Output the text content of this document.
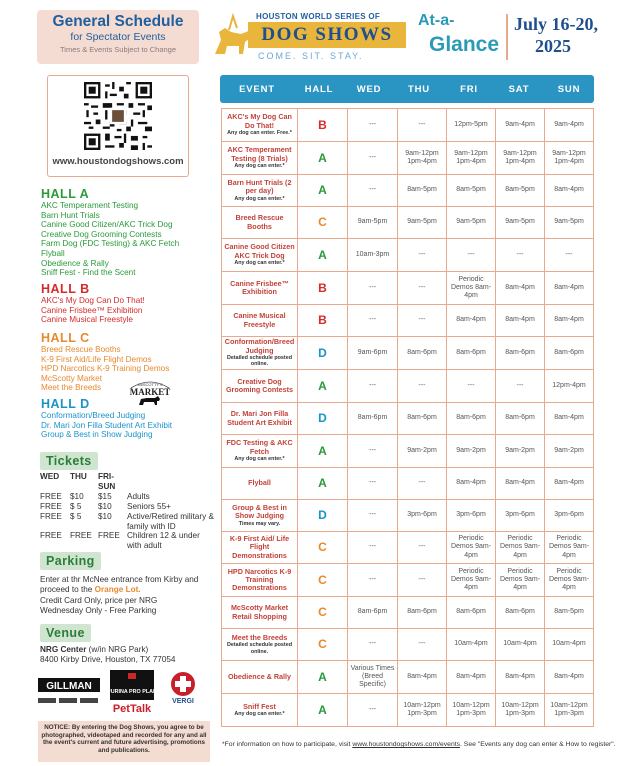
General Schedule
for Spectator Events
Times & Events Subject to Change
www.houstondogshows.com
HALL A
AKC Temperament Testing
Barn Hunt Trials
Canine Good Citizen/AKC Trick Dog
Creative Dog Grooming Contests
Farm Dog (FDC Testing) & AKC Fetch
Flyball
Obedience & Rally
Sniff Fest - Find the Scent
HALL B
AKC's My Dog Can Do That!
Canine Frisbee™ Exhibition
Canine Musical Freestyle
HALL C
Breed Rescue Booths
K-9 First Aid/Life Flight Demos
HPD Narcotics K-9 Training Demos
McScotty Market
Meet the Breeds	McSCOTTY'S
MARKET
HALL D
Conformation/Breed Judging
Dr. Mari Jon Filla Student Art Exhibit
Group & Best in Show Judging
Tickets
WED	THU	FRI-SUN
FREE $10	$15	Adults
FREE $ 5	$10	Seniors 55+
FREE $ 5	$10	Active/Retired military & family with ID
FREE FREE FREE Children 12 & under with adult
Parking
Enter at thr McNee entrance from Kirby and proceed to the Orange Lot.
Credit Card Only, price per NRG
Wednesday Only - Free Parking
Venue
NRG Center (w/in NRG Park)
8400 Kirby Drive, Houston, TX 77054
GILLMAN	PURINA PRO PLAN
VERGI
PetTalk
NOTICE: By entering the Dog Shows, you agree to be photographed, videotaped and recorded for any and all the event's current and future advertising, promotions and publications.
HOUSTON WORLD SERIES OF
DOG SHOWS
COME. SIT. STAY.
At-a-
Glance
July 16-20,
2025
EVENT	HALL	WED	THU	FRI	SAT	SUN
AKC's My Dog Can Do That!
Any dog can enter. Free.*	B	---	---	12pm-5pm	9am-4pm	9am-4pm
AKC Temperament Testing (8 Trials)
Any dog can enter.*	A	---	9am-12pm 1pm-4pm	9am-12pm 1pm-4pm	9am-12pm 1pm-4pm	9am-12pm 1pm-4pm
Barn Hunt Trials (2 per day)
Any dog can enter.*	A	---	8am-5pm	8am-5pm	8am-5pm	8am-4pm
Breed Rescue Booths	C	9am-5pm	9am-5pm	9am-5pm	9am-5pm	9am-5pm
Canine Good Citizen AKC Trick Dog
Any dog can enter.*	A	10am-3pm	---	---	---	---
Canine Frisbee™ Exhibition	B	---	---	Periodic Demos 8am-4pm	8am-4pm	8am-4pm
Canine Musical Freestyle	B	---	---	8am-4pm	8am-4pm	8am-4pm
Conformation/Breed Judging
Detailed schedule posted online.	D	9am-6pm	8am-6pm	8am-6pm	8am-6pm	8am-6pm
Creative Dog Grooming Contests	A	---	---	---	---	12pm-4pm
Dr. Mari Jon Filla Student Art Exhibit	D	8am-6pm	8am-6pm	8am-6pm	8am-6pm	8am-4pm
FDC Testing & AKC Fetch
Any dog can enter.*	A	---	9am-2pm	9am-2pm	9am-2pm	9am-2pm
Flyball	A	---	---	8am-4pm	8am-4pm	8am-4pm
Group & Best in Show Judging
Times may vary.	D	---	3pm-6pm	3pm-6pm	3pm-6pm	3pm-6pm
K-9 First Aid/ Life Flight Demonstrations	C	---	---	Periodic Demos 9am-4pm	Periodic Demos 9am-4pm	Periodic Demos 9am-4pm
HPD Narcotics K-9 Training Demonstrations	C	---	---	Periodic Demos 9am-4pm	Periodic Demos 9am-4pm	Periodic Demos 9am-4pm
McScotty Market Retail Shopping	C	8am-6pm	8am-6pm	8am-6pm	8am-6pm	8am-5pm
Meet the Breeds
Detailed schedule posted online.	C	---	---	10am-4pm	10am-4pm	10am-4pm
Obedience & Rally	A	Various Times (Breed Specific)	8am-4pm	8am-4pm	8am-4pm	8am-4pm
Sniff Fest
Any dog can enter.*	A	---	10am-12pm 1pm-3pm	10am-12pm 1pm-3pm	10am-12pm 1pm-3pm	10am-12pm 1pm-3pm
*For information on how to participate, visit www.houstondogshows.com/events. See "Events any dog can enter & How to register".
